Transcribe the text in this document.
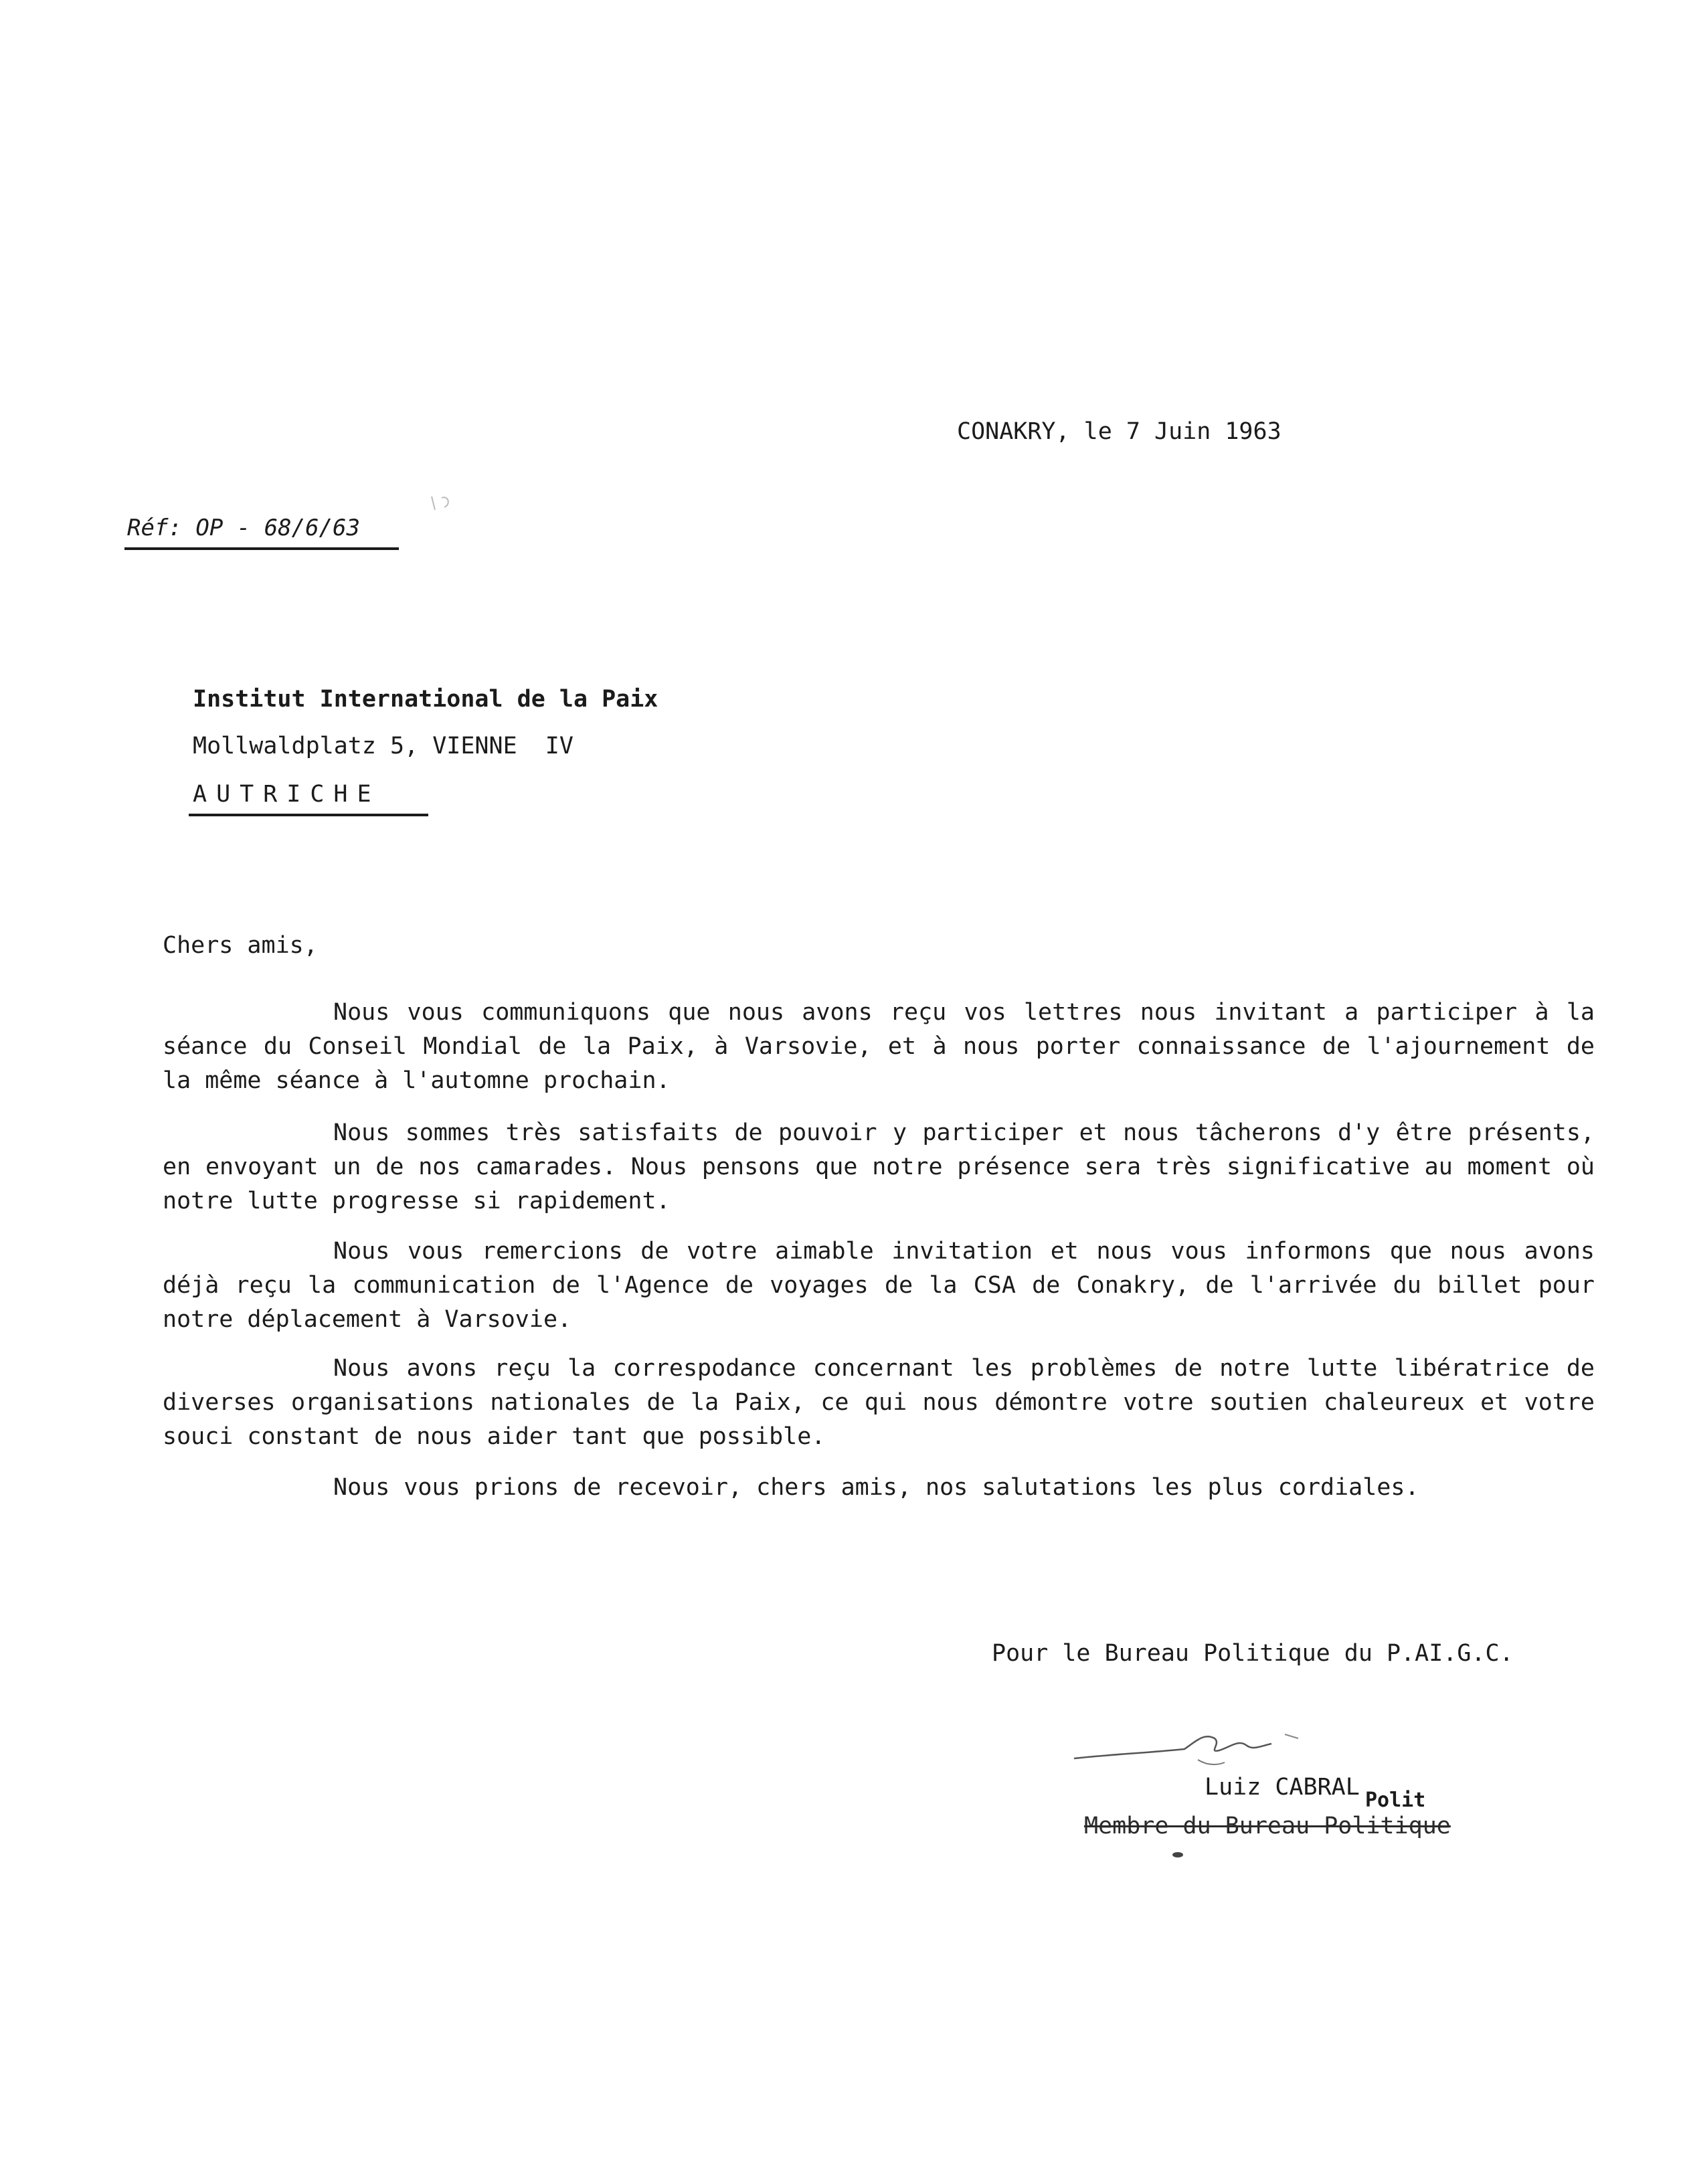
CONAKRY, le 7 Juin 1963
Réf: OP - 68/6/63
Institut International de la Paix
Mollwaldplatz 5, VIENNE  IV
AUTRICHE
Chers amis,
Nous vous communiquons que nous avons reçu vos lettres nous invitant a participer à la séance du Conseil Mondial de la Paix, à Varsovie, et à nous porter connaissance de l'ajournement de la même séance à l'automne prochain.
Nous sommes très satisfaits de pouvoir y participer et nous tâcherons d'y être présents, en envoyant un de nos camarades. Nous pensons que notre présence sera très significative au moment où notre lutte progresse si rapidement.
Nous vous remercions de votre aimable invitation et nous vous informons que nous avons déjà reçu la communication de l'Agence de voyages de la CSA de Conakry, de l'arrivée du billet pour notre déplacement à Varsovie.
Nous avons reçu la correspodance concernant les problèmes de notre lutte libératrice de diverses organisations nationales de la Paix, ce qui nous démontre votre soutien chaleureux et votre souci constant de nous aider tant que possible.
Nous vous prions de recevoir, chers amis, nos salutations les plus cordiales.
Pour le Bureau Politique du P.AI.G.C.
Luiz CABRAL Polit
Membre du Bureau Politique
